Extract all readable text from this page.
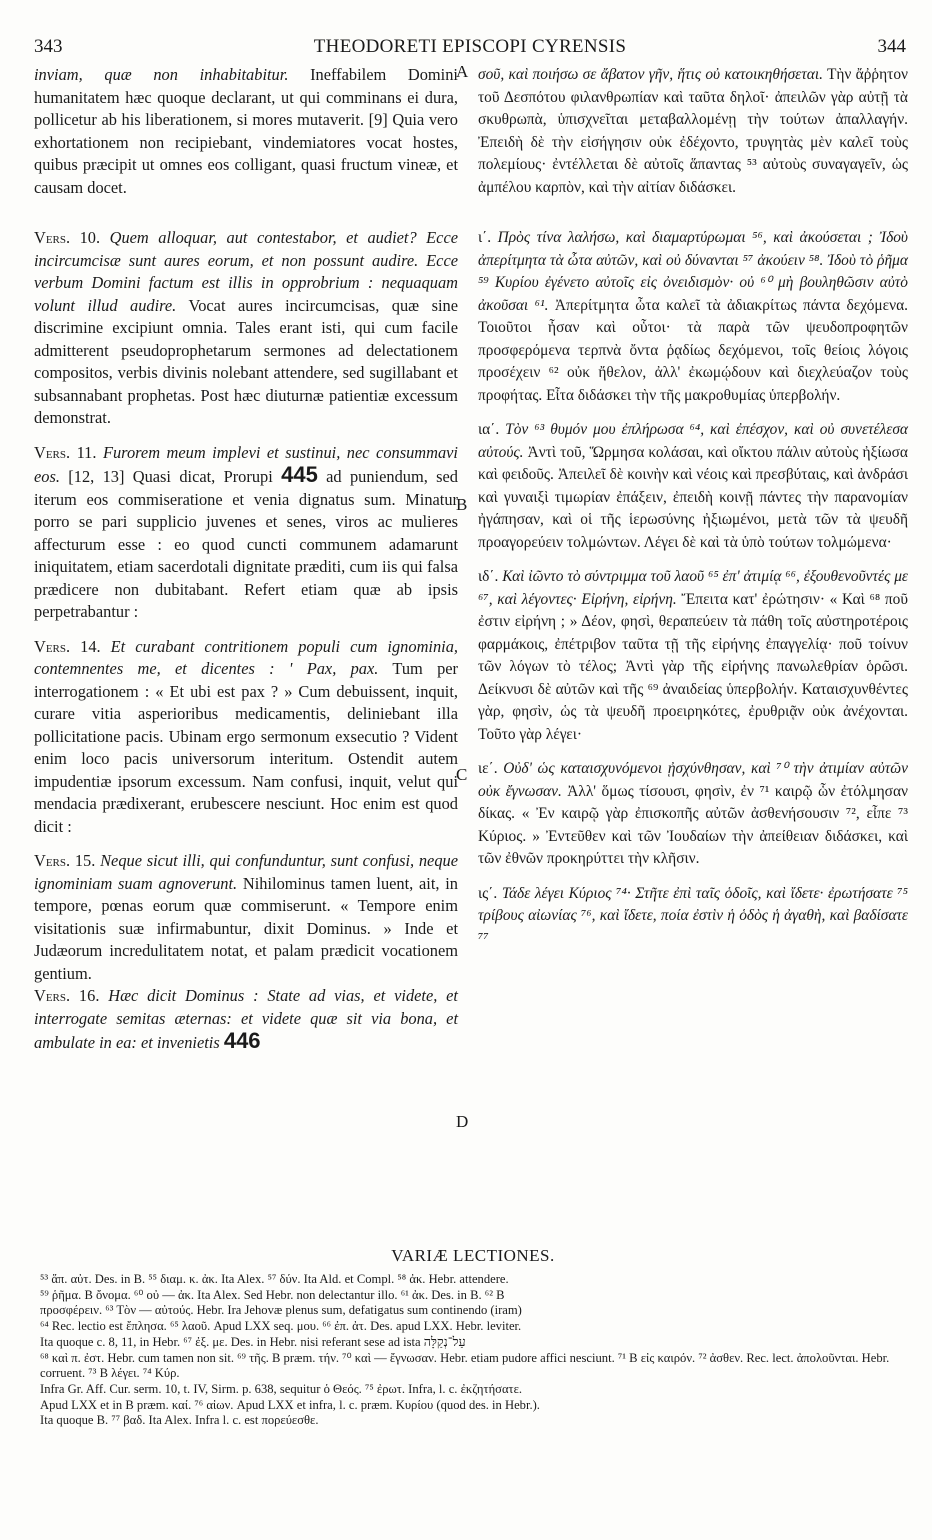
343	THEODORETI EPISCOPI CYRENSIS	344

inviam, quæ non inhabitabitur. Ineffabilem Domini humanitatem hæc quoque declarant, ut qui comminans ei dura, pollicetur ab his liberationem, si mores mutaverit. [9] Quia vero exhortationem non recipiebant, vindemiatores vocat hostes, quibus præcipit ut omnes eos colligant, quasi fructum vineæ, et causam docet.

Vers. 10. Quem alloquar, aut contestabor, et audiet? Ecce incircumcisæ sunt aures eorum, et non possunt audire. Ecce verbum Domini factum est illis in opprobrium : nequaquam volunt illud audire. Vocat aures incircumcisas, quæ sine discrimine excipiunt omnia. Tales erant isti, qui cum facile admitterent pseudoprophetarum sermones ad delectationem compositos, verbis divinis nolebant attendere, sed sugillabant et subsannabant prophetas. Post hæc diuturnæ patientiæ excessum demonstrat.

Vers. 11. Furorem meum implevi et sustinui, nec consummavi eos. [12, 13] Quasi dicat, Prorupi 445 ad puniendum, sed iterum eos commiseratione et venia dignatus sum. Minatur porro se pari supplicio juvenes et senes, viros ac mulieres affecturum esse : eo quod cuncti communem adamarunt iniquitatem, etiam sacerdotali dignitate præditi, cum iis qui falsa prædicere non dubitabant. Refert etiam quæ ab ipsis perpetrabantur :

Vers. 14. Et curabant contritionem populi cum ignominia, contemnentes me, et dicentes : ' Pax, pax. Tum per interrogationem : « Et ubi est pax ? » Cum debuissent, inquit, curare vitia asperioribus medicamentis, deliniebant illa pollicitatione pacis. Ubinam ergo sermonum exsecutio ? Vident enim loco pacis universorum interitum. Ostendit autem impudentiæ ipsorum excessum. Nam confusi, inquit, velut qui mendacia prædixerant, erubescere nesciunt. Hoc enim est quod dicit :

Vers. 15. Neque sicut illi, qui confunduntur, sunt confusi, neque ignominiam suam agnoverunt. Nihilominus tamen luent, ait, in tempore, pœnas eorum quæ commiserunt. « Tempore enim visitationis suæ infirmabuntur, dixit Dominus. » Inde et Judæorum incredulitatem notat, et palam prædicit vocationem gentium.

Vers. 16. Hæc dicit Dominus : State ad vias, et videte, et interrogate semitas æternas: et videte quæ sit via bona, et ambulate in ea: et invenietis 446

A
B
C
D

σοῦ, καὶ ποιήσω σε ἄβατον γῆν, ἥτις οὐ κατοικηθήσεται. Τὴν ἄῤῥητον τοῦ Δεσπότου φιλανθρωπίαν καὶ ταῦτα δηλοῖ· ἀπειλῶν γὰρ αὐτῇ τὰ σκυθρωπὰ, ὑπισχνεῖται μεταβαλλομένῃ τὴν τούτων ἀπαλλαγήν. Ἐπειδὴ δὲ τὴν εἰσήγησιν οὐκ ἐδέχοντο, τρυγητὰς μὲν καλεῖ τοὺς πολεμίους· ἐντέλλεται δὲ αὐτοῖς ἅπαντας ⁵³ αὐτοὺς συναγαγεῖν, ὡς ἀμπέλου καρπὸν, καὶ τὴν αἰτίαν διδάσκει.

ι΄. Πρὸς τίνα λαλήσω, καὶ διαμαρτύρωμαι ⁵⁶, καὶ ἀκούσεται ; Ἰδοὺ ἀπερίτμητα τὰ ὦτα αὐτῶν, καὶ οὐ δύνανται ⁵⁷ ἀκούειν ⁵⁸. Ἰδοὺ τὸ ῥῆμα ⁵⁹ Κυρίου ἐγένετο αὐτοῖς εἰς ὀνειδισμὸν· οὐ ⁶⁰ μὴ βουληθῶσιν αὐτὸ ἀκοῦσαι ⁶¹. Ἀπερίτμητα ὦτα καλεῖ τὰ ἀδιακρίτως πάντα δεχόμενα. Τοιοῦτοι ἦσαν καὶ οὗτοι· τὰ παρὰ τῶν ψευδοπροφητῶν προσφερόμενα τερπνὰ ὄντα ῥᾳδίως δεχόμενοι, τοῖς θείοις λόγοις προσέχειν ⁶² οὐκ ἤθελον, ἀλλ' ἐκωμῴδουν καὶ διεχλεύαζον τοὺς προφήτας. Εἶτα διδάσκει τὴν τῆς μακροθυμίας ὑπερβολήν.

ια΄. Τὸν ⁶³ θυμόν μου ἐπλήρωσα ⁶⁴, καὶ ἐπέσχον, καὶ οὐ συνετέλεσα αὐτούς. Ἀντὶ τοῦ, Ὥρμησα κολάσαι, καὶ οἴκτου πάλιν αὐτοὺς ἠξίωσα καὶ φειδοῦς. Ἀπειλεῖ δὲ κοινὴν καὶ νέοις καὶ πρεσβύταις, καὶ ἀνδράσι καὶ γυναιξὶ τιμωρίαν ἐπάξειν, ἐπειδὴ κοινῇ πάντες τὴν παρανομίαν ἠγάπησαν, καὶ οἱ τῆς ἱερωσύνης ἠξιωμένοι, μετὰ τῶν τὰ ψευδῆ προαγορεύειν τολμώντων. Λέγει δὲ καὶ τὰ ὑπὸ τούτων τολμώμενα·

ιδ΄. Καὶ ἰῶντο τὸ σύντριμμα τοῦ λαοῦ ⁶⁵ ἐπ' ἀτιμίᾳ ⁶⁶, ἐξουθενοῦντές με ⁶⁷, καὶ λέγοντες· Εἰρήνη, εἰρήνη. Ἔπειτα κατ' ἐρώτησιν· « Καὶ ⁶⁸ ποῦ ἐστιν εἰρήνη ; » Δέον, φησὶ, θεραπεύειν τὰ πάθη τοῖς αὐστηροτέροις φαρμάκοις, ἐπέτριβον ταῦτα τῇ τῆς εἰρήνης ἐπαγγελίᾳ· ποῦ τοίνυν τῶν λόγων τὸ τέλος; Ἀντὶ γὰρ τῆς εἰρήνης πανωλεθρίαν ὁρῶσι. Δείκνυσι δὲ αὐτῶν καὶ τῆς ⁶⁹ ἀναιδείας ὑπερβολήν. Καταισχυνθέντες γὰρ, φησὶν, ὡς τὰ ψευδῆ προειρηκότες, ἐρυθριᾷν οὐκ ἀνέχονται. Τοῦτο γὰρ λέγει·

ιε΄. Οὐδ' ὡς καταισχυνόμενοι ᾐσχύνθησαν, καὶ ⁷⁰ τὴν ἀτιμίαν αὐτῶν οὐκ ἔγνωσαν. Ἀλλ' ὅμως τίσουσι, φησὶν, ἐν ⁷¹ καιρῷ ὧν ἐτόλμησαν δίκας. « Ἐν καιρῷ γὰρ ἐπισκοπῆς αὐτῶν ἀσθενήσουσιν ⁷², εἶπε ⁷³ Κύριος. » Ἐντεῦθεν καὶ τῶν Ἰουδαίων τὴν ἀπείθειαν διδάσκει, καὶ τῶν ἐθνῶν προκηρύττει τὴν κλῆσιν.

ις΄. Τάδε λέγει Κύριος ⁷⁴· Στῆτε ἐπὶ ταῖς ὁδοῖς, καὶ ἴδετε· ἐρωτήσατε ⁷⁵ τρίβους αἰωνίας ⁷⁶, καὶ ἴδετε, ποία ἐστὶν ἡ ὁδὸς ἡ ἀγαθὴ, καὶ βαδίσατε ⁷⁷

VARIÆ LECTIONES.
⁵³ ἅπ. αὐτ. Des. in B. ⁵⁵ διαμ. κ. ἀκ. Ita Alex. ⁵⁷ δύν. Ita Ald. et Compl. ⁵⁸ ἀκ. Hebr. attendere.
⁵⁹ ῥῆμα. B ὄνομα. ⁶⁰ οὐ — ἀκ. Ita Alex. Sed Hebr. non delectantur illo. ⁶¹ ἀκ. Des. in B. ⁶² B
προσφέρειν. ⁶³ Τὸν — αὐτούς. Hebr. Ira Jehovæ plenus sum, defatigatus sum continendo (iram)
⁶⁴ Rec. lectio est ἔπλησα. ⁶⁵ λαοῦ. Apud LXX seq. μου. ⁶⁶ ἐπ. ἀτ. Des. apud LXX. Hebr. leviter.
Ita quoque c. 8, 11, in Hebr. ⁶⁷ ἐξ. με. Des. in Hebr. nisi referant sese ad ista עַל־נְקַלָּה
⁶⁸ καὶ π. ἐστ. Hebr. cum tamen non sit. ⁶⁹ τῆς. B præm. τήν. ⁷⁰ καὶ — ἔγνωσαν. Hebr. etiam pudore affici nesciunt. ⁷¹ B εἰς καιρόν. ⁷² ἀσθεν. Rec. lect. ἀπολοῦνται. Hebr. corruent. ⁷³ B λέγει. ⁷⁴ Κύρ.
Infra Gr. Aff. Cur. serm. 10, t. IV, Sirm. p. 638, sequitur ὁ Θεός. ⁷⁵ ἐρωτ. Infra, l. c. ἐκζητήσατε.
Apud LXX et in B præm. καί. ⁷⁶ αἰων. Apud LXX et infra, l. c. præm. Κυρίου (quod des. in Hebr.).
Ita quoque B. ⁷⁷ βαδ. Ita Alex. Infra l. c. est πορεύεσθε.
